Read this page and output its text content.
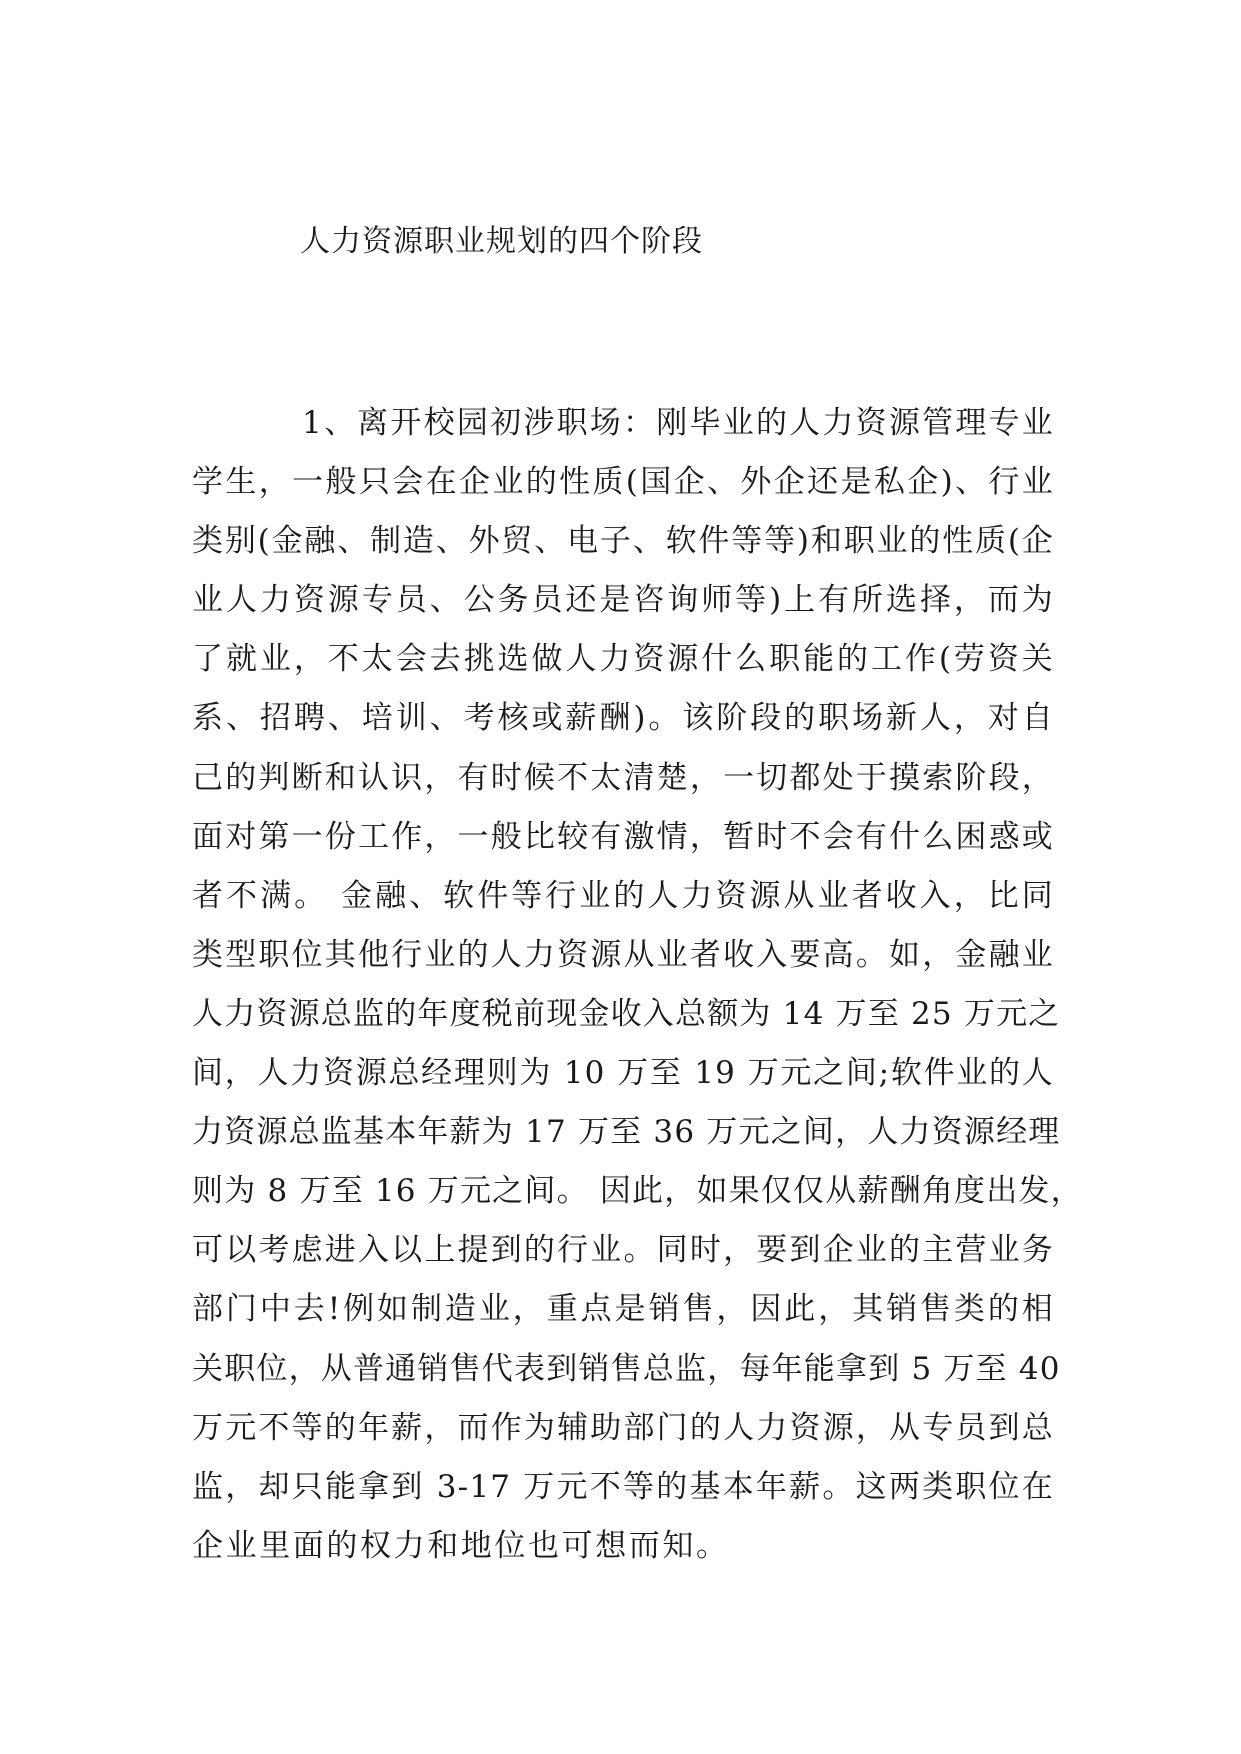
人力资源职业规划的四个阶段
1、离开校园初涉职场：刚毕业的人力资源管理专业
学生，一般只会在企业的性质(国企、外企还是私企)、行业
类别(金融、制造、外贸、电子、软件等等)和职业的性质(企
业人力资源专员、公务员还是咨询师等)上有所选择，而为
了就业，不太会去挑选做人力资源什么职能的工作(劳资关
系、招聘、培训、考核或薪酬)。该阶段的职场新人，对自
己的判断和认识，有时候不太清楚，一切都处于摸索阶段，
面对第一份工作，一般比较有激情，暂时不会有什么困惑或
者不满。 金融、软件等行业的人力资源从业者收入，比同
类型职位其他行业的人力资源从业者收入要高。如，金融业
人力资源总监的年度税前现金收入总额为 14 万至 25 万元之
间，人力资源总经理则为 10 万至 19 万元之间;软件业的人
力资源总监基本年薪为 17 万至 36 万元之间，人力资源经理
则为 8 万至 16 万元之间。 因此，如果仅仅从薪酬角度出发，
可以考虑进入以上提到的行业。同时，要到企业的主营业务
部门中去!例如制造业，重点是销售，因此，其销售类的相
关职位，从普通销售代表到销售总监，每年能拿到 5 万至 40
万元不等的年薪，而作为辅助部门的人力资源，从专员到总
监，却只能拿到 3-17 万元不等的基本年薪。这两类职位在
企业里面的权力和地位也可想而知。
